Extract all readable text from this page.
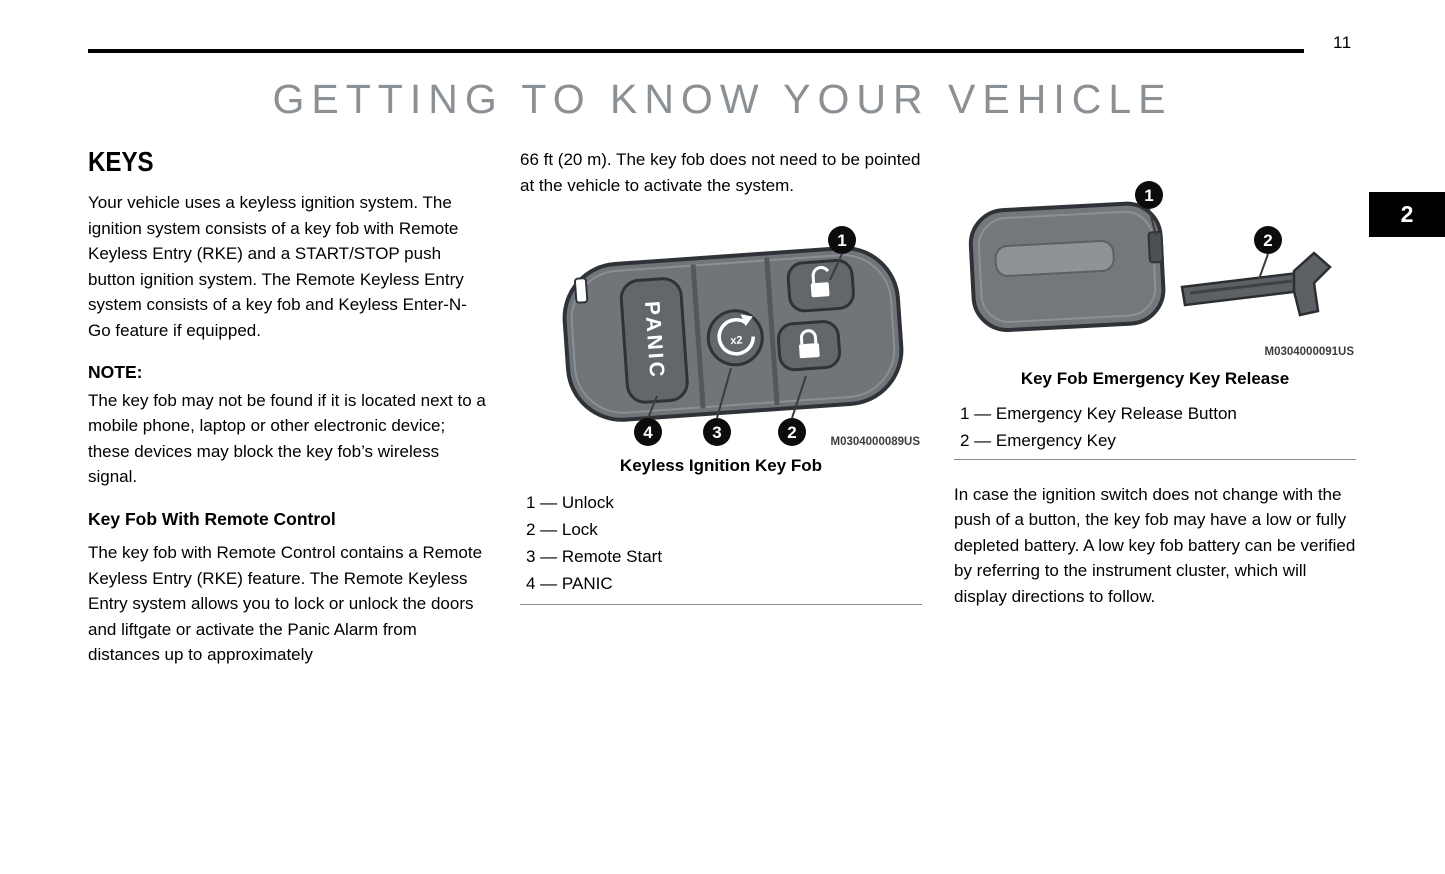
11
GETTING TO KNOW YOUR VEHICLE
2
KEYS

Your vehicle uses a keyless ignition system. The ignition system consists of a key fob with Remote Keyless Entry (RKE) and a START/STOP push button ignition system. The Remote Keyless Entry system consists of a key fob and Keyless Enter-N-Go feature if equipped.

NOTE:

The key fob may not be found if it is located next to a mobile phone, laptop or other electronic device; these devices may block the key fob’s wireless signal.

Key Fob With Remote Control

The key fob with Remote Control contains a Remote Keyless Entry (RKE) feature. The Remote Keyless Entry system allows you to lock or unlock the doors and liftgate or activate the Panic Alarm from distances up to approximately

66 ft (20 m). The key fob does not need to be pointed at the vehicle to activate the system.

PANIC	x2
1
4	3	2	M0304000089US
Keyless Ignition Key Fob
1 — Unlock
2 — Lock
3 — Remote Start
4 — PANIC
1
2
M0304000091US
Key Fob Emergency Key Release
1 — Emergency Key Release Button
2 — Emergency Key

In case the ignition switch does not change with the push of a button, the key fob may have a low or fully depleted battery. A low key fob battery can be verified by referring to the instrument cluster, which will display directions to follow.
